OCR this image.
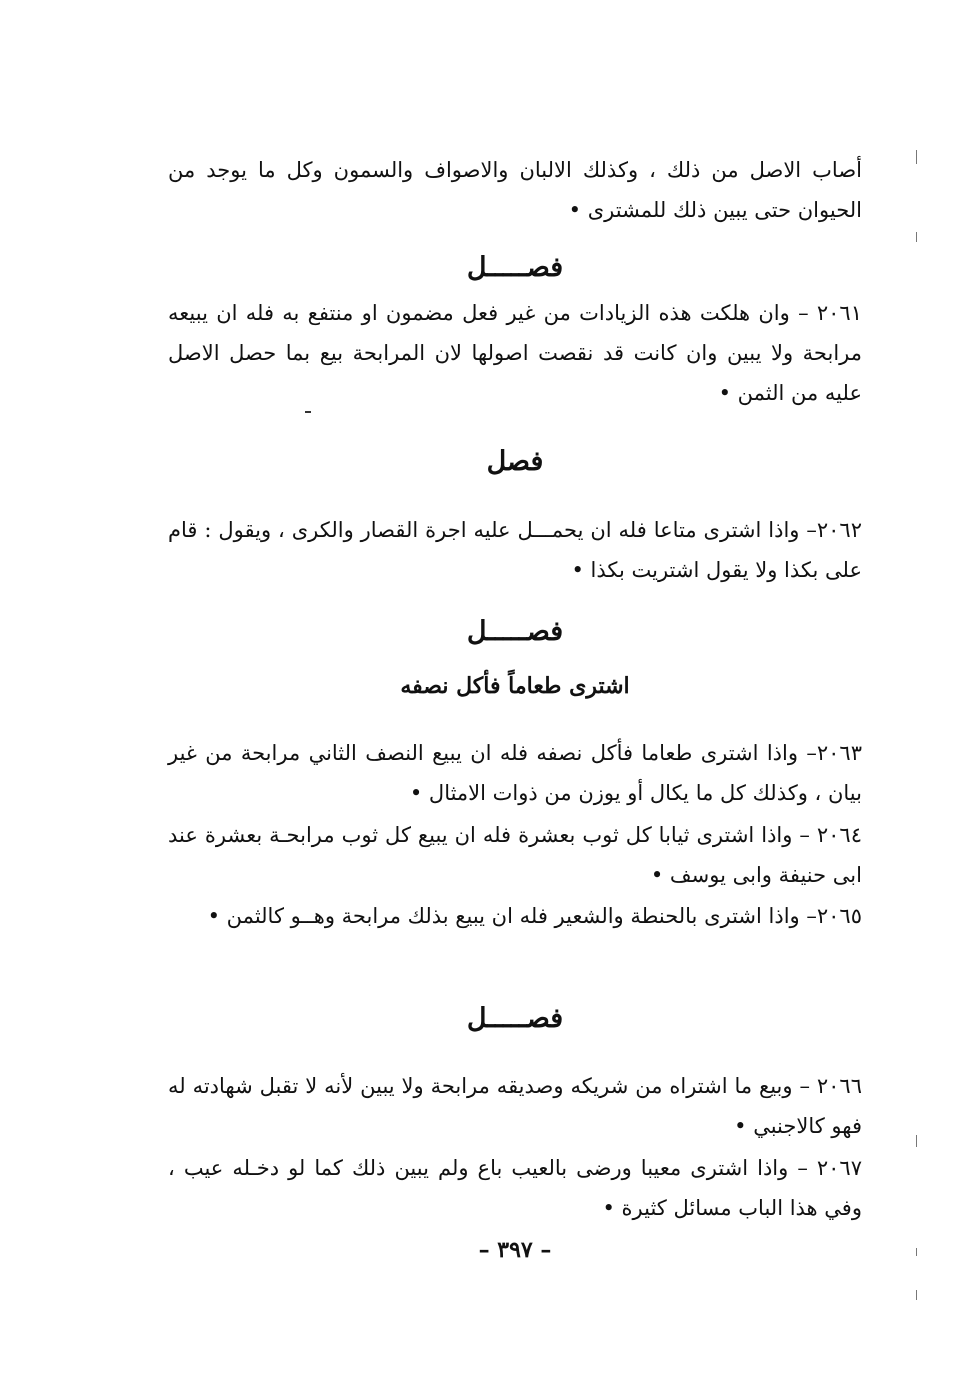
أصاب الاصل من ذلك ، وكذلك الالبان والاصواف والسمون وكل ما يوجد من الحيوان حتى يبين ذلك للمشترى •

فصـــــل

٢٠٦١ – وان هلكت هذه الزيادات من غير فعل مضمون او منتفع به فله ان يبيعه مرابحة ولا يبين وان كانت قد نقصت اصولها لان المرابحة بيع بما حصل الاصل عليه من الثمن •

فصل

٢٠٦٢– واذا اشترى متاعا فله ان يحمـــل عليه اجرة القصار والكرى ، ويقول : قام على بكذا ولا يقول اشتريت بكذا •

فصـــــل
اشترى طعاماً فأكل نصفه

٢٠٦٣– واذا اشترى طعاما فأكل نصفه فله ان يبيع النصف الثاني مرابحة من غير بيان ، وكذلك كل ما يكال أو يوزن من ذوات الامثال •

٢٠٦٤ – واذا اشترى ثيابا كل ثوب بعشرة فله ان يبيع كل ثوب مرابحـة بعشرة عند ابى حنيفة وابى يوسف •

٢٠٦٥– واذا اشترى بالحنطة والشعير فله ان يبيع بذلك مرابحة وهــو كالثمن •

فصـــــل

٢٠٦٦ – وبيع ما اشتراه من شريكه وصديقه مرابحة ولا يبين لأنه لا تقبل شهادته له فهو كالاجنبي •

٢٠٦٧ – واذا اشترى معيبا ورضى بالعيب باع ولم يبين ذلك كما لو دخـله عيب ، وفي هذا الباب مسائل كثيرة •

– ٣٩٧ –
